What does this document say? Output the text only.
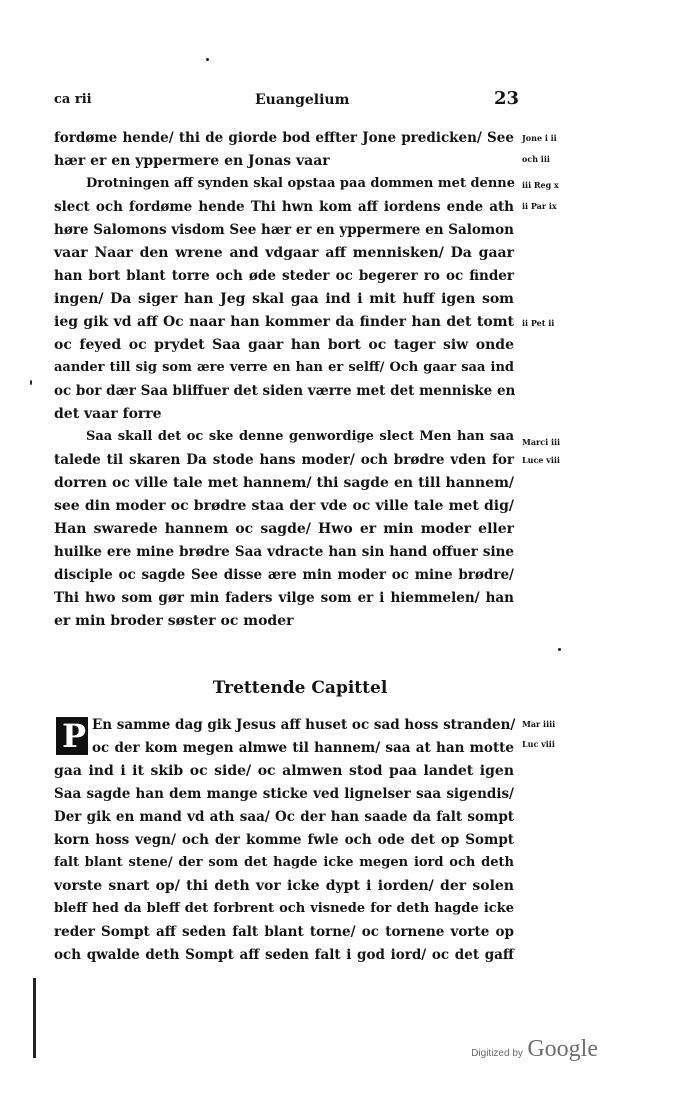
ca rii	Euangelium	23
fordøme hende/ thi de giorde bod effter Jone predicken/ See
hær er en yppermere en Jonas vaar
Drotningen aff synden skal opstaa paa dommen met denne
slect och fordøme hende Thi hwn kom aff iordens ende ath
høre Salomons visdom See hær er en yppermere en Salomon
vaar Naar den wrene and vdgaar aff mennisken/ Da gaar
han bort blant torre och øde steder oc begerer ro oc finder
ingen/ Da siger han Jeg skal gaa ind i mit huff igen som
ieg gik vd aff Oc naar han kommer da finder han det tomt
oc feyed oc prydet Saa gaar han bort oc tager siw onde
aander till sig som ære verre en han er selff/ Och gaar saa ind
oc bor dær Saa bliffuer det siden værre met det menniske en
det vaar forre
Saa skall det oc ske denne genwordige slect Men han saa
talede til skaren Da stode hans moder/ och brødre vden for
dorren oc ville tale met hannem/ thi sagde en till hannem/
see din moder oc brødre staa der vde oc ville tale met dig/
Han swarede hannem oc sagde/ Hwo er min moder eller
huilke ere mine brødre Saa vdracte han sin hand offuer sine
disciple oc sagde See disse ære min moder oc mine brødre/
Thi hwo som gør min faders vilge som er i hiemmelen/ han
er min broder søster oc moder
Jone i ii
och iii
iii Reg x
ii Par ix
ii Pet ii
Marci iii
Luce viii
Mar iiii
Luc viii
Trettende Capittel
P En samme dag gik Jesus aff huset oc sad hoss stranden/
oc der kom megen almwe til hannem/ saa at han motte
gaa ind i it skib oc side/ oc almwen stod paa landet igen
Saa sagde han dem mange sticke ved lignelser saa sigendis/
Der gik en mand vd ath saa/ Oc der han saade da falt sompt
korn hoss vegn/ och der komme fwle och ode det op Sompt
falt blant stene/ der som det hagde icke megen iord och deth
vorste snart op/ thi deth vor icke dypt i iorden/ der solen
bleff hed da bleff det forbrent och visnede for deth hagde icke
reder Sompt aff seden falt blant torne/ oc tornene vorte op
och qwalde deth Sompt aff seden falt i god iord/ oc det gaff
Digitized by Google
